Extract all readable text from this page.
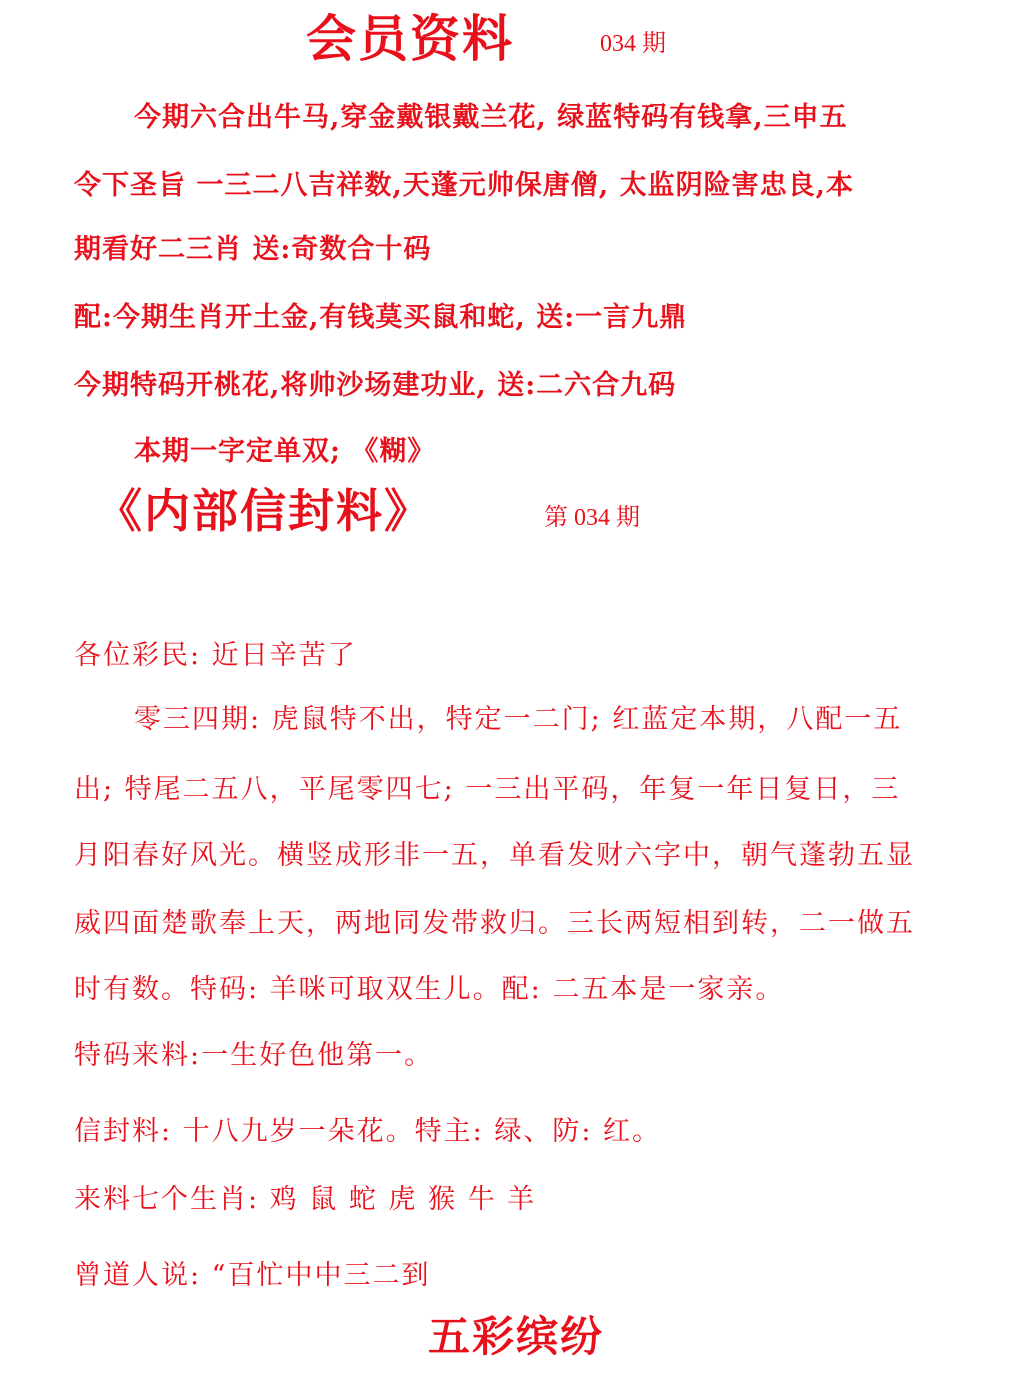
会员资料	034 期
今期六合出牛马,穿金戴银戴兰花, 绿蓝特码有钱拿,三申五
令下圣旨 一三二八吉祥数,天蓬元帅保唐僧, 太监阴险害忠良,本
期看好二三肖 送:奇数合十码
配:今期生肖开土金,有钱莫买鼠和蛇, 送:一言九鼎
今期特码开桃花,将帅沙场建功业, 送:二六合九码
本期一字定单双; 《糊》
《内部信封料》	第 034 期
各位彩民: 近日辛苦了
零三四期: 虎鼠特不出，特定一二门; 红蓝定本期，八配一五
出; 特尾二五八，平尾零四七; 一三出平码，年复一年日复日，三
月阳春好风光。横竖成形非一五，单看发财六字中，朝气蓬勃五显
威四面楚歌奉上天，两地同发带救归。三长两短相到转，二一做五
时有数。特码: 羊咪可取双生儿。配: 二五本是一家亲。
特码来料:一生好色他第一。
信封料: 十八九岁一朵花。特主: 绿、防: 红。
来料七个生肖: 鸡 鼠 蛇 虎 猴 牛 羊
曾道人说: “百忙中中三二到
五彩缤纷
